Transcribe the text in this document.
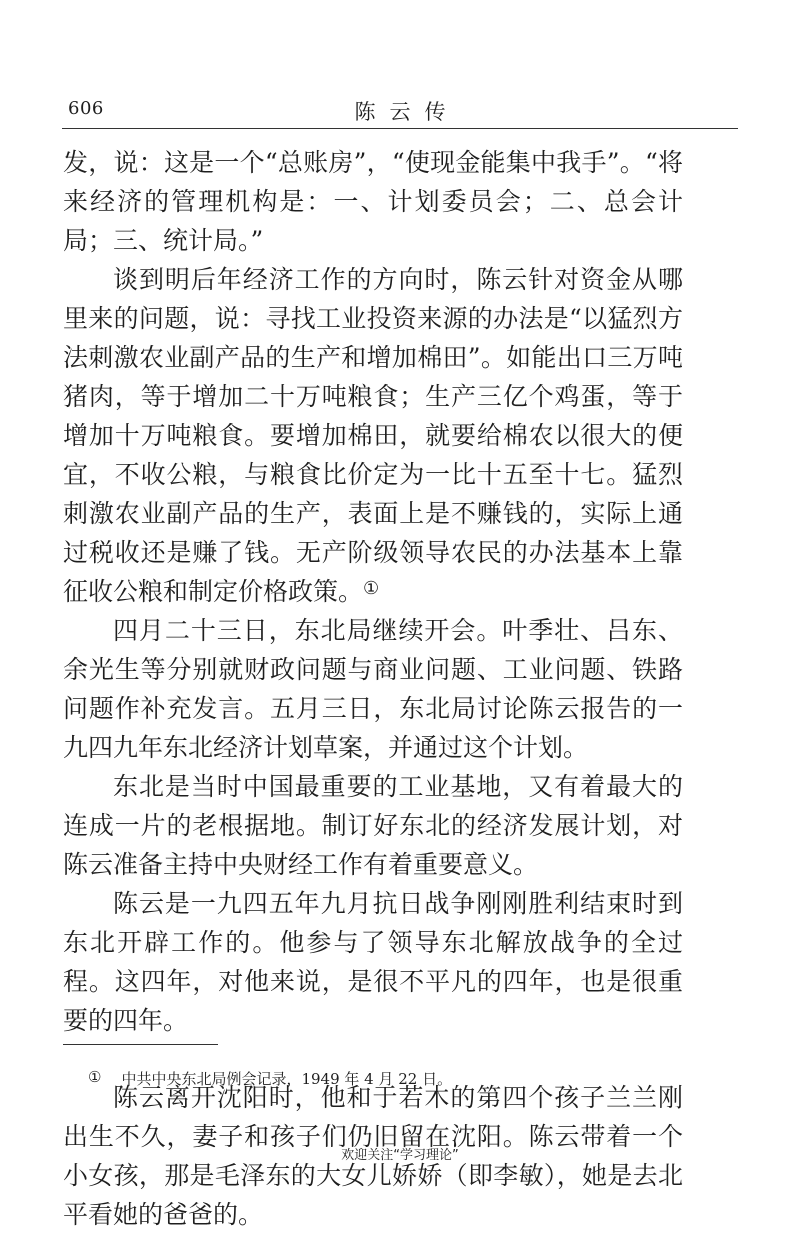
606	陈云传

发，说：这是一个“总账房”，“使现金能集中我手”。“将来经济的管理机构是：一、计划委员会；二、总会计局；三、统计局。”

谈到明后年经济工作的方向时，陈云针对资金从哪里来的问题，说：寻找工业投资来源的办法是“以猛烈方法刺激农业副产品的生产和增加棉田”。如能出口三万吨猪肉，等于增加二十万吨粮食；生产三亿个鸡蛋，等于增加十万吨粮食。要增加棉田，就要给棉农以很大的便宜，不收公粮，与粮食比价定为一比十五至十七。猛烈刺激农业副产品的生产，表面上是不赚钱的，实际上通过税收还是赚了钱。无产阶级领导农民的办法基本上靠征收公粮和制定价格政策。①

四月二十三日，东北局继续开会。叶季壮、吕东、余光生等分别就财政问题与商业问题、工业问题、铁路问题作补充发言。五月三日，东北局讨论陈云报告的一九四九年东北经济计划草案，并通过这个计划。

东北是当时中国最重要的工业基地，又有着最大的连成一片的老根据地。制订好东北的经济发展计划，对陈云准备主持中央财经工作有着重要意义。

陈云是一九四五年九月抗日战争刚刚胜利结束时到东北开辟工作的。他参与了领导东北解放战争的全过程。这四年，对他来说，是很不平凡的四年，也是很重要的四年。

陈云离开沈阳时，他和于若木的第四个孩子兰兰刚出生不久，妻子和孩子们仍旧留在沈阳。陈云带着一个小女孩，那是毛泽东的大女儿娇娇（即李敏），她是去北平看她的爸爸的。

① 中共中央东北局例会记录，1949 年 4 月 22 日。
欢迎关注“学习理论”
